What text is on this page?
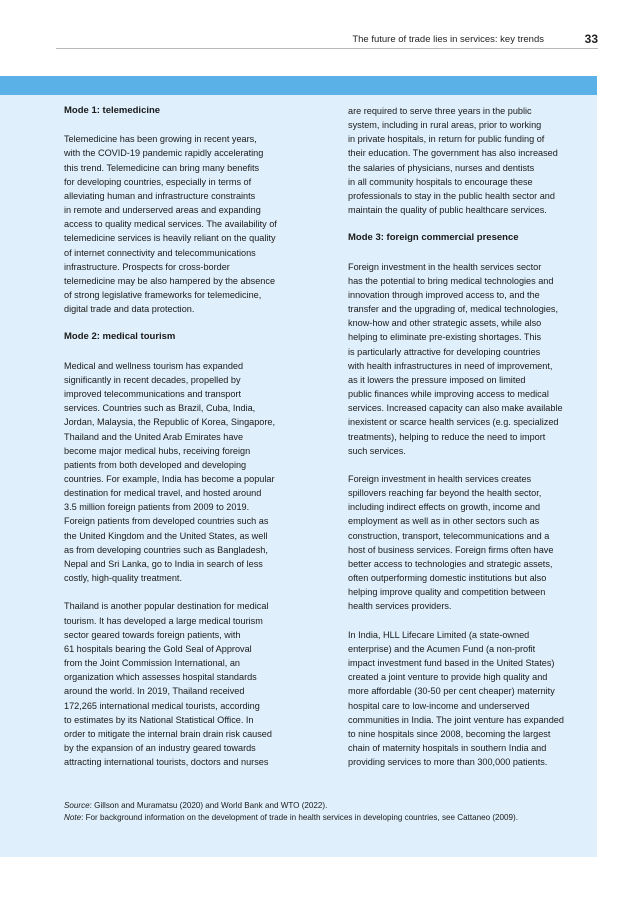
The future of trade lies in services: key trends	33
Mode 1: telemedicine

Telemedicine has been growing in recent years,
with the COVID-19 pandemic rapidly accelerating
this trend. Telemedicine can bring many benefits
for developing countries, especially in terms of
alleviating human and infrastructure constraints
in remote and underserved areas and expanding
access to quality medical services. The availability of
telemedicine services is heavily reliant on the quality
of internet connectivity and telecommunications
infrastructure. Prospects for cross-border
telemedicine may be also hampered by the absence
of strong legislative frameworks for telemedicine,
digital trade and data protection.

Mode 2: medical tourism

Medical and wellness tourism has expanded
significantly in recent decades, propelled by
improved telecommunications and transport
services. Countries such as Brazil, Cuba, India,
Jordan, Malaysia, the Republic of Korea, Singapore,
Thailand and the United Arab Emirates have
become major medical hubs, receiving foreign
patients from both developed and developing
countries. For example, India has become a popular
destination for medical travel, and hosted around
3.5 million foreign patients from 2009 to 2019.
Foreign patients from developed countries such as
the United Kingdom and the United States, as well
as from developing countries such as Bangladesh,
Nepal and Sri Lanka, go to India in search of less
costly, high-quality treatment.

Thailand is another popular destination for medical
tourism. It has developed a large medical tourism
sector geared towards foreign patients, with
61 hospitals bearing the Gold Seal of Approval
from the Joint Commission International, an
organization which assesses hospital standards
around the world. In 2019, Thailand received
172,265 international medical tourists, according
to estimates by its National Statistical Office. In
order to mitigate the internal brain drain risk caused
by the expansion of an industry geared towards
attracting international tourists, doctors and nurses

are required to serve three years in the public
system, including in rural areas, prior to working
in private hospitals, in return for public funding of
their education. The government has also increased
the salaries of physicians, nurses and dentists
in all community hospitals to encourage these
professionals to stay in the public health sector and
maintain the quality of public healthcare services.

Mode 3: foreign commercial presence

Foreign investment in the health services sector
has the potential to bring medical technologies and
innovation through improved access to, and the
transfer and the upgrading of, medical technologies,
know-how and other strategic assets, while also
helping to eliminate pre-existing shortages. This
is particularly attractive for developing countries
with health infrastructures in need of improvement,
as it lowers the pressure imposed on limited
public finances while improving access to medical
services. Increased capacity can also make available
inexistent or scarce health services (e.g. specialized
treatments), helping to reduce the need to import
such services.

Foreign investment in health services creates
spillovers reaching far beyond the health sector,
including indirect effects on growth, income and
employment as well as in other sectors such as
construction, transport, telecommunications and a
host of business services. Foreign firms often have
better access to technologies and strategic assets,
often outperforming domestic institutions but also
helping improve quality and competition between
health services providers.

In India, HLL Lifecare Limited (a state-owned
enterprise) and the Acumen Fund (a non-profit
impact investment fund based in the United States)
created a joint venture to provide high quality and
more affordable (30-50 per cent cheaper) maternity
hospital care to low-income and underserved
communities in India. The joint venture has expanded
to nine hospitals since 2008, becoming the largest
chain of maternity hospitals in southern India and
providing services to more than 300,000 patients.

Source: Gillson and Muramatsu (2020) and World Bank and WTO (2022).
Note: For background information on the development of trade in health services in developing countries, see Cattaneo (2009).
